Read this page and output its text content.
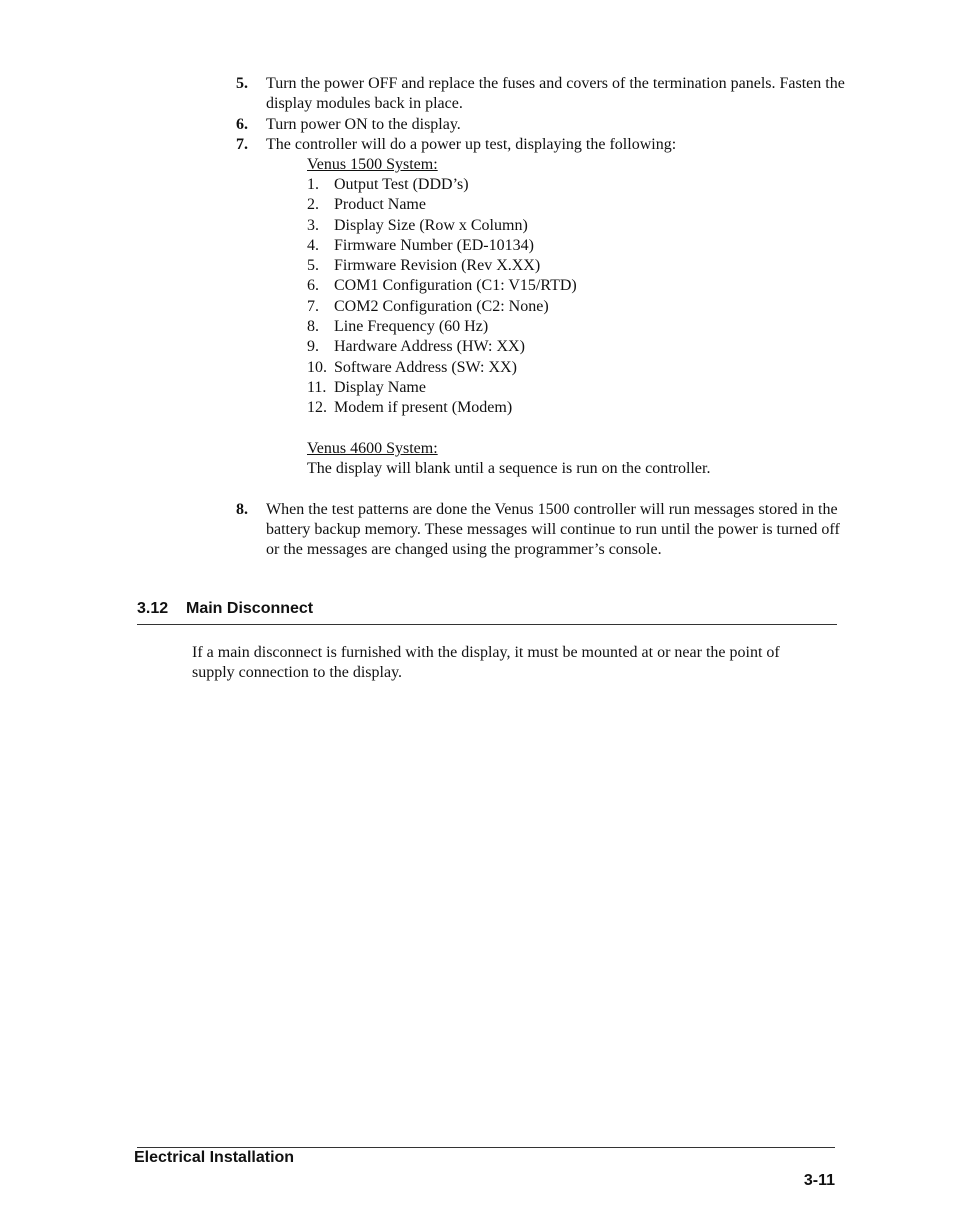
5. Turn the power OFF and replace the fuses and covers of the termination panels. Fasten the display modules back in place.
6. Turn power ON to the display.
7. The controller will do a power up test, displaying the following:
Venus 1500 System:
1. Output Test (DDD’s)
2. Product Name
3. Display Size (Row x Column)
4. Firmware Number (ED-10134)
5. Firmware Revision (Rev X.XX)
6. COM1 Configuration (C1: V15/RTD)
7. COM2 Configuration (C2: None)
8. Line Frequency (60 Hz)
9. Hardware Address (HW: XX)
10. Software Address (SW: XX)
11. Display Name
12. Modem if present (Modem)
Venus 4600 System:
The display will blank until a sequence is run on the controller.
8. When the test patterns are done the Venus 1500 controller will run messages stored in the battery backup memory. These messages will continue to run until the power is turned off or the messages are changed using the programmer’s console.
3.12 Main Disconnect
If a main disconnect is furnished with the display, it must be mounted at or near the point of supply connection to the display.
Electrical Installation
3-11
